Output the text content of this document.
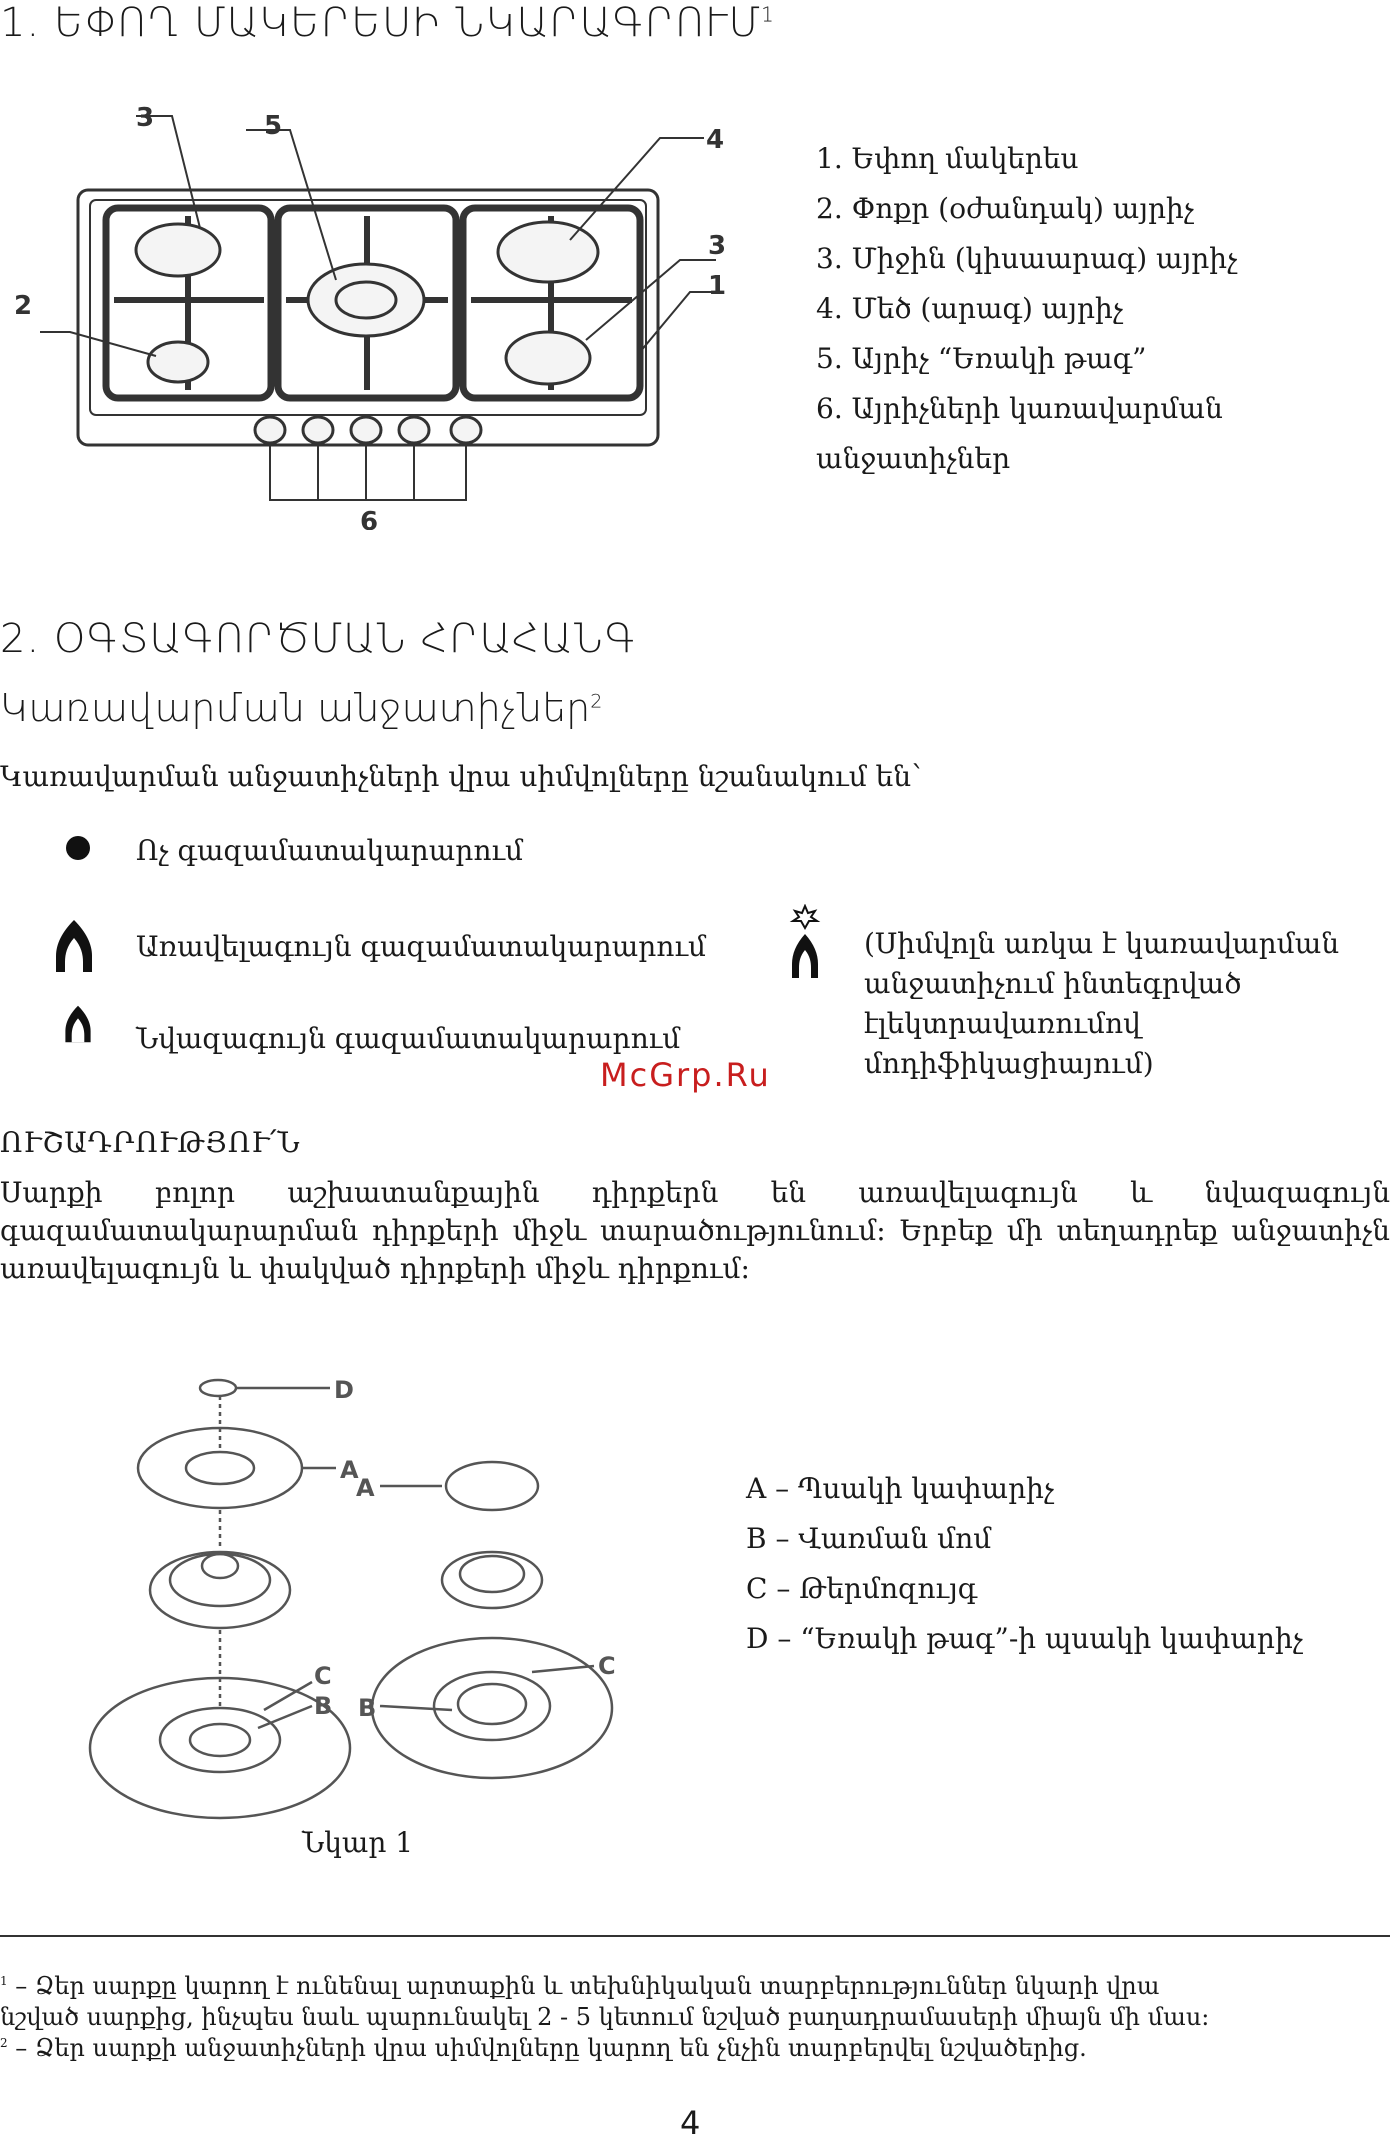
1. ԵՓՈՂ ՄԱԿԵՐԵՍԻ ՆԿԱՐԱԳՐՈՒՄ$^1$
3	5	4
3
1
2
6
1. Եփող մակերես
2. Փոքր (օժանդակ) այրիչ
3. Միջին (կիսաարագ) այրիչ
4. Մեծ (արագ) այրիչ
5. Այրիչ “Եռակի թագ”
6. Այրիչների կառավարման
անջատիչներ
2. ՕԳՏԱԳՈՐԾՄԱՆ ՀՐԱՀԱՆԳ
Կառավարման անջատիչներ$^2$
Կառավարման անջատիչների վրա սիմվոլները նշանակում են՝
Ոչ գազամատակարարում
Առավելագույն գազամատակարարում
Նվազագույն գազամատակարարում
(Սիմվոլն առկա է կառավարման
անջատիչում ինտեգրված
էլեկտրավառումով
մոդիֆիկացիայում)
McGrp.Ru
ՈՒՇԱԴՐՈՒԹՅՈՒ՛Ն
Սարքի բոլոր աշխատանքային դիրքերն են առավելագույն և նվազագույն գազամատակարարման դիրքերի միջև տարածությունում: Երբեք մի տեղադրեք անջատիչն առավելագույն և փակված դիրքերի միջև դիրքում:
D
A
A
C
B B
C
A – Պսակի կափարիչ
B – Վառման մոմ
C – Թերմոզույգ
D – “Եռակի թագ”-ի պսակի կափարիչ
Նկար 1
$^1$ – Ձեր սարքը կարող է ունենալ արտաքին և տեխնիկական տարբերություններ նկարի վրա
նշված սարքից, ինչպես նաև պարունակել 2 - 5 կետում նշված բաղադրամասերի միայն մի մաս:
$^2$ – Ձեր սարքի անջատիչների վրա սիմվոլները կարող են չնչին տարբերվել նշվածերից.
4
